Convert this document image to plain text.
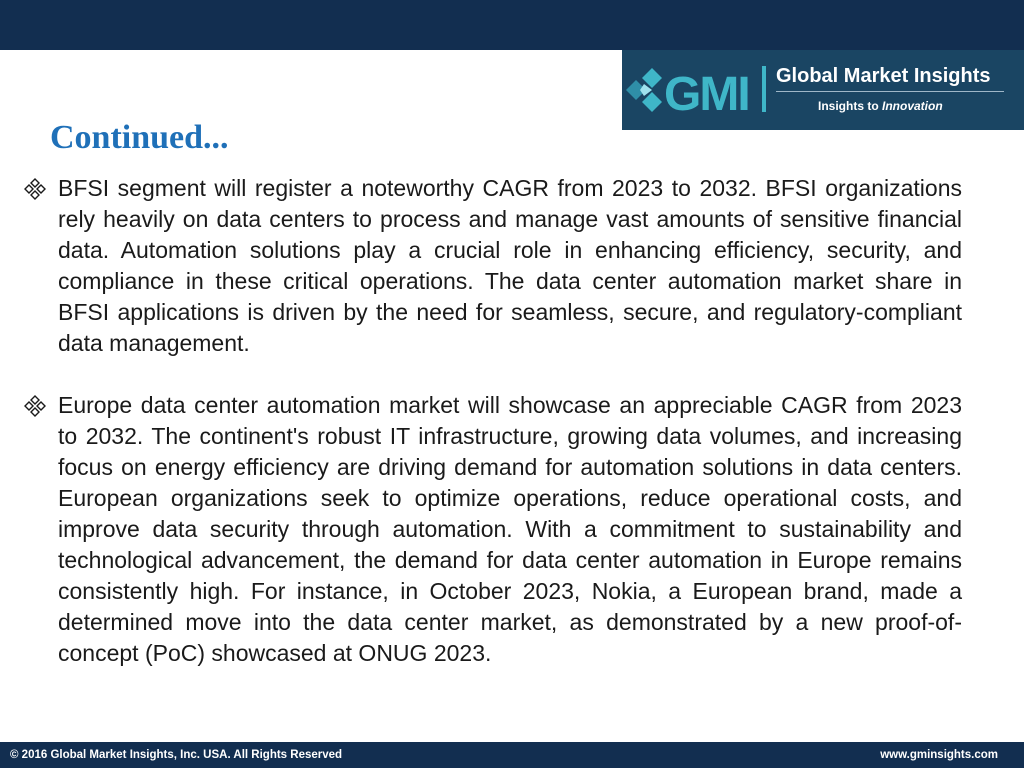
GMI Global Market Insights
Insights to Innovation
Continued...
BFSI segment will register a noteworthy CAGR from 2023 to 2032. BFSI organizations rely heavily on data centers to process and manage vast amounts of sensitive financial data. Automation solutions play a crucial role in enhancing efficiency, security, and compliance in these critical operations. The data center automation market share in BFSI applications is driven by the need for seamless, secure, and regulatory-compliant data management.
Europe data center automation market will showcase an appreciable CAGR from 2023 to 2032. The continent's robust IT infrastructure, growing data volumes, and increasing focus on energy efficiency are driving demand for automation solutions in data centers. European organizations seek to optimize operations, reduce operational costs, and improve data security through automation. With a commitment to sustainability and technological advancement, the demand for data center automation in Europe remains consistently high. For instance, in October 2023, Nokia, a European brand, made a determined move into the data center market, as demonstrated by a new proof-of-concept (PoC) showcased at ONUG 2023.
© 2016 Global Market Insights, Inc. USA. All Rights Reserved	www.gminsights.com
